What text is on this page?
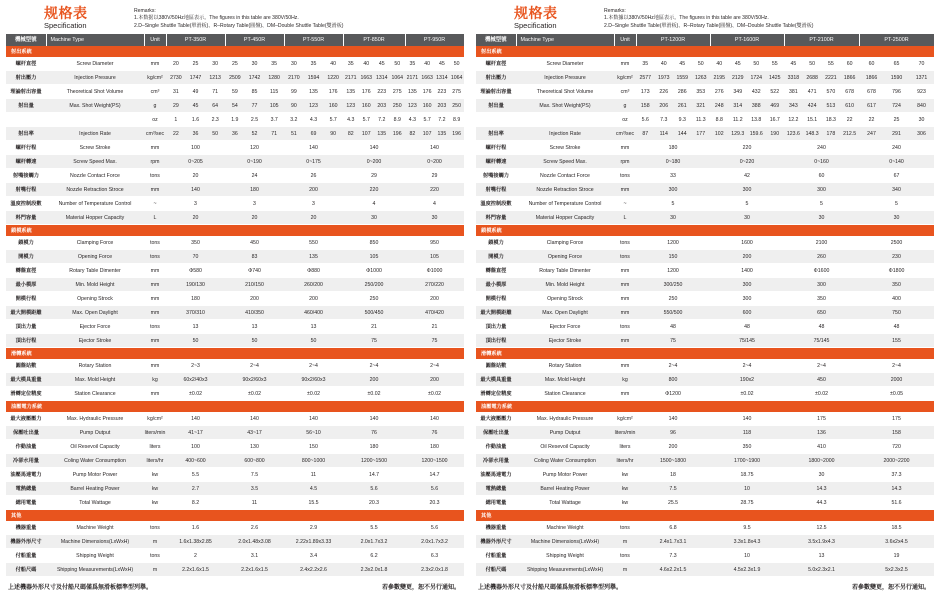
规格表
Specification
Remarks:
1.本数据以380V/50Hz地區表示。The figures in this table are 380V/50Hz.
2.D–Single Shuttle Table(單滑板)、R–Rotary Table(圓盤)、DM–Double Shuttle Table(雙滑板)
機械型號	Machine Type	Unit	PT-350R	PT-450R	PT-550R	PT-850R	PT-950R
射出系統							
螺杆直徑	Screw Diameter	mm	20 25 30	25 30 35	30 35 40	35 40 45 50	35 40 45 50

射出壓力	Injection Pressure	kg/cm²	2730 1747 1213	2509 1742 1280	2170 1594 1220	2171 1663 1314 1064	2171 1663 1314 1064

理論射出容量	Theoretical Shot Volume	cm³	31 49 71	59 85 115	99 135 176	135 176 223 275	135 176 223 275

射出量	Max. Shot Weight(PS)	g	29 45 64	54 77 105	90 123 160	123 160 203 250	123 160 203 250

		oz	1 1.6 2.3	1.9 2.5 3.7	3.2 4.3 5.7	4.3 5.7 7.2 8.9	4.3 5.7 7.2 8.9

射出率	Injection Rate	cm³/sec	22 36 50	36 52 71	51 69 90	82 107 135 196	82 107 135 196

螺杆行程	Screw Stroke	mm	100	120	140	140	140
螺杆轉速	Screw Speed Max.	rpm	0~205	0~190	0~175	0~200	0~200
射嘴接觸力	Nozzle Contact Force	tons	20	24	26	29	29
射嘴行程	Nozzle Retraction Stroce	mm	140	180	200	220	220
溫度控制段數	Number of Temperature Control	~	3	3	3	4	4
料門容量	Material Hopper Capacity	L	20	20	20	30	30
鎖模系統							
鎖模力	Clamping Force	tons	350	450	550	850	950
開模力	Opening Force	tons	70	83	135	105	105
轉盤直徑	Rotary Table Dimenter	mm	Φ580	Φ740	Φ880	Φ1000	Φ1000
最小模厚	Min. Mold Height	mm	190/130	210/150	260/200	250/200	270/220
開模行程	Opening Strock	mm	180	200	200	250	200
最大開模距離	Max. Open Daylight	mm	370/310	410/350	460/400	500/450	470/420
頂出力量	Ejector Force	tons	13	13	13	21	21
頂出行程	Ejector Stroke	mm	50	50	50	75	75
滑轉系統							
圓盤站數	Rotary Station	mm	2~3	2~4	2~4	2~4	2~4
最大模具重量	Max. Mold Height	kg	60x2/40x3	90x2/60x3	90x2/60x3	200	200
滑轉定位精度	Station Clearance	mm	±0.02	±0.02	±0.02	±0.02	±0.02
油壓電力系統							
最大液壓壓力	Max. Hydraulic Pressure	kg/cm²	140	140	140	140	140
保壓吐出量	Pump Output	liters/min	41~17	43~17	56~10	76	76
作動油量	Oil Resevoil Capacity	liters	100	130	150	180	180
冷卻水用量	Coling Water Consumption	liters/hr	400~600	600~800	800~1000	1200~1500	1200~1500
油壓馬達電力	Pump Motor Power	kw	5.5	7.5	11	14.7	14.7
電熱總量	Barrel Heating Power	kw	2.7	3.5	4.5	5.6	5.6
總用電量	Total Wattage	kw	8.2	11	15.5	20.3	20.3
其他							
機器重量	Machine Weight	tons	1.6	2.6	2.9	5.5	5.6
機器外形尺寸	Machine Dimensions(LxWxH)	m	1.6x1.38x2.85	2.0x1.48x3.08	2.22x1.89x3.33	2.0x1.7x3.2	2.0x1.7x3.2
付船重量	Shipping Weight	tons	2	3.1	3.4	6.2	6.3
付船尺碼	Shipping Measurements(LxWxH)	m	2.2x1.6x1.5	2.2x1.6x1.5	2.4x2.2x2.6	2.3x2.0x1.8	2.3x2.0x1.8
上述機器外形尺寸及付船尺碼僅爲無滑板標準型列擧。	若參數變更，恕不另行通知。
规格表
Specification
Remarks:
1.本数據以380V/50Hz地區表示。The figures in this table are 380V/50Hz.
2.D–Single Shuttle Table(單滑板)、R–Rotary Table(圓盤)、DM–Double Shuttle Table(雙滑板)
機械型號	Machine Type	Unit	PT-1200R	PT-1600R	PT-2100R	PT-2500R
射出系統						
螺杆直徑	Screw Diameter	mm	35 40 45 50	40 45 50 55	45 50 55 60	60 65 70

射出壓力	Injection Pressure	kg/cm²	2577 1973 1559 1263	2195 2129 1724 1425	3318 2688 2221 1866	1866 1590 1371

理論射出容量	Theoretical Shot Volume	cm³	173 226 286 353	276 349 432 522	381 471 570 678	678 796 923

射出量	Max. Shot Weight(PS)	g	158 206 261 321	248 314 388 469	343 424 513 610	617 724 840

		oz	5.6 7.3 9.3 11.3	8.8 11.2 13.8 16.7	12.2 15.1 18.3 22	22 25 30

射出率	Injection Rate	cm³/sec	87 114 144 177	102 129.3 159.6 190	123.6 148.3 178 212.5	247 291 306

螺杆行程	Screw Stroke	mm	180	220	240	240
螺杆轉速	Screw Speed Max.	rpm	0~180	0~220	0~160	0~140
射嘴接觸力	Nozzle Contact Force	tons	33	42	60	67
射嘴行程	Nozzle Retraction Stroce	mm	300	300	300	340
溫度控制段數	Number of Temperature Control	~	5	5	5	5
料門容量	Material Hopper Capacity	L	30	30	30	30
鎖模系統						
鎖模力	Clamping Force	tons	1200	1600	2100	2500
開模力	Opening Force	tons	150	200	260	230
轉盤直徑	Rotary Table Dimenter	mm	1200	1400	Φ1600	Φ1800
最小模厚	Min. Mold Height	mm	300/250	300	300	350
開模行程	Opening Strock	mm	250	300	350	400
最大開模距離	Max. Open Daylight	mm	550/500	600	650	750
頂出力量	Ejector Force	tons	48	48	48	48
頂出行程	Ejector Stroke	mm	75	75/145	75/145	155
滑轉系統						
圓盤站數	Rotary Station	mm	2~4	2~4	2~4	2~4
最大模具重量	Max. Mold Height	kg	800	190x2	450	2000
滑轉定位精度	Station Clearance	mm	Φ1200	±0.02	±0.02	±0.05
油壓電力系統						
最大液壓壓力	Max. Hydraulic Pressure	kg/cm²	140	140	175	175
保壓吐出量	Pump Output	liters/min	96	118	136	158
作動油量	Oil Resevoil Capacity	liters	200	350	410	720
冷卻水用量	Coling Water Consumption	liters/hr	1500~1800	1700~1900	1800~2000	2000~2200
油壓馬達電力	Pump Motor Power	kw	18	18.75	30	37.3
電熱總量	Barrel Heating Power	kw	7.5	10	14.3	14.3
總用電量	Total Wattage	kw	25.5	28.75	44.3	51.6
其他						
機器重量	Machine Weight	tons	6.8	9.5	12.5	18.5
機器外形尺寸	Machine Dimensions(LxWxH)	m	2.4x1.7x3.1	3.3x1.8x4.3	3.5x1.9x4.3	3.6x2x4.5
付船重量	Shipping Weight	tons	7.3	10	13	19
付船尺碼	Shipping Measurements(LxWxH)	m	4.6x2.2x1.5	4.5x2.3x1.9	5.0x2.3x2.1	5x2.3x2.5
上述機器外形尺寸及付船尺碼僅爲無滑板標準型列擧。	若參數變更，恕不另行通知。
